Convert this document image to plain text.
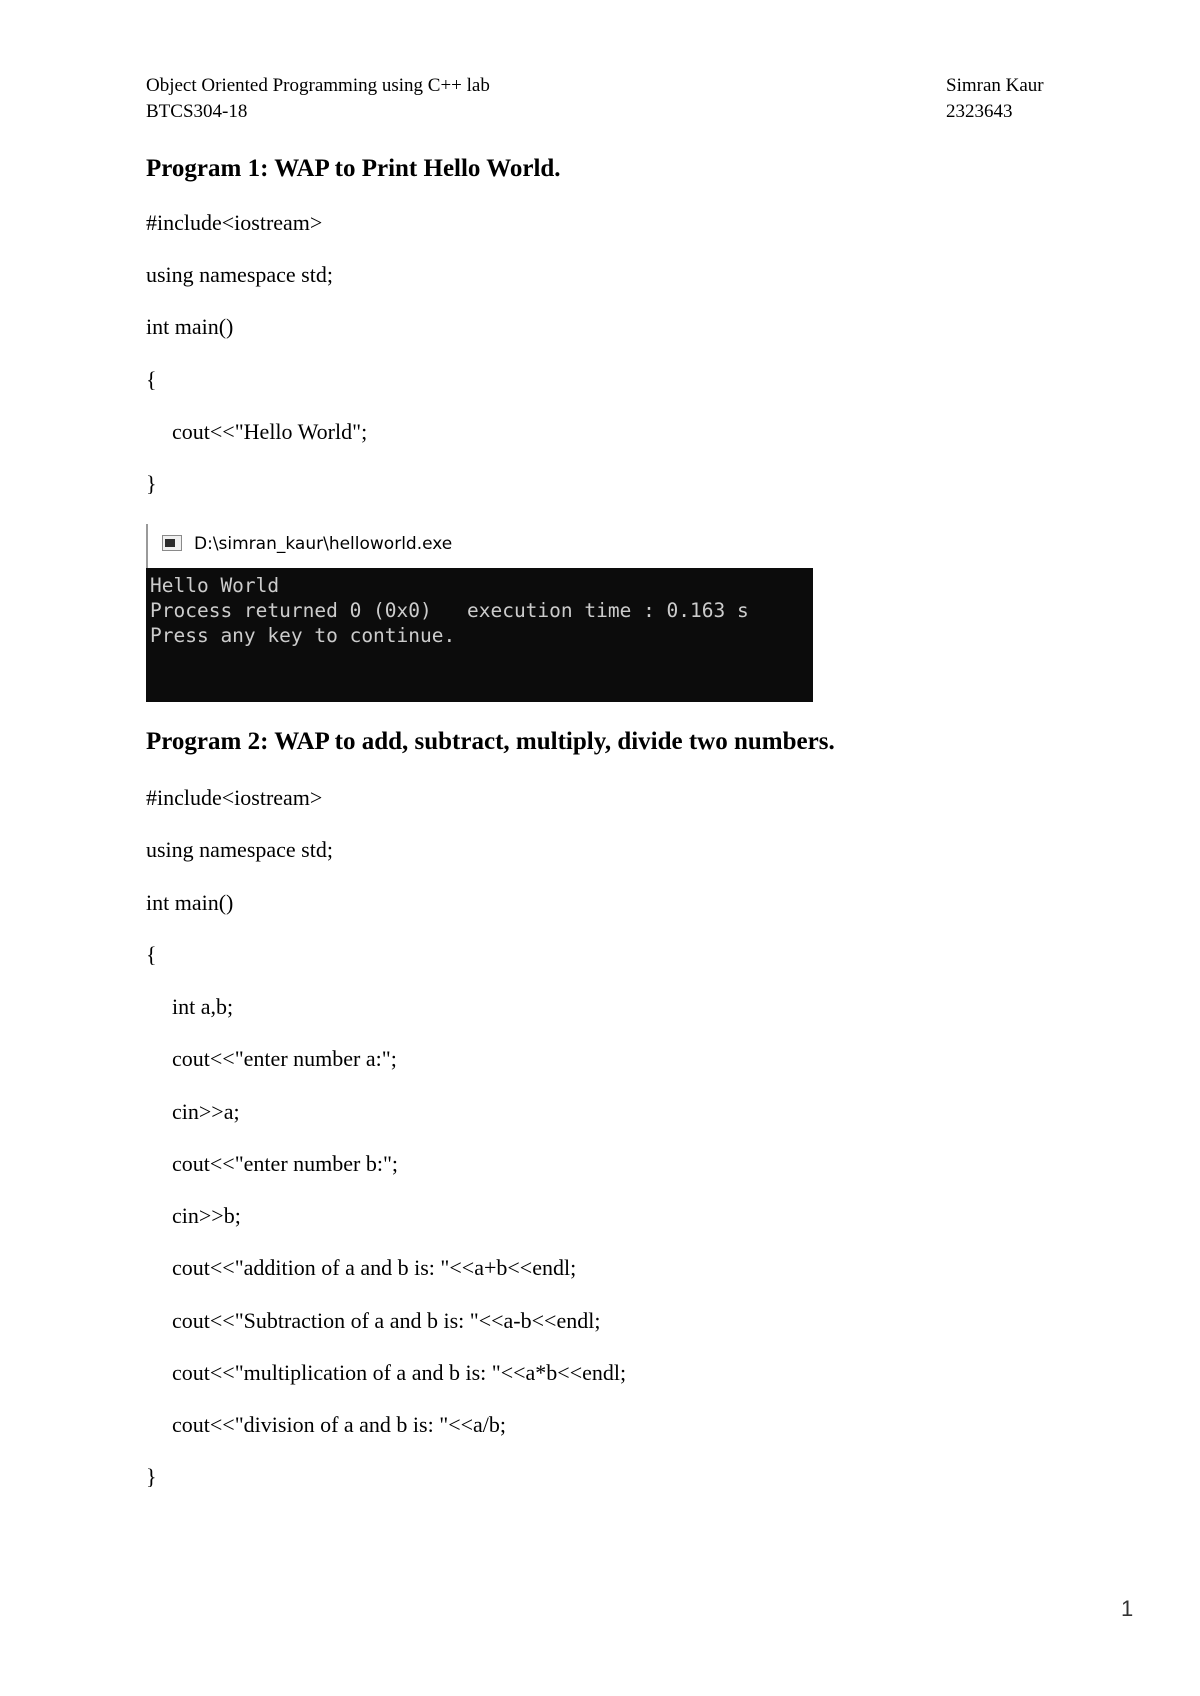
Object Oriented Programming using C++ lab
BTCS304-18
Simran Kaur
2323643
Program 1: WAP to Print Hello World.

#include<iostream>

using namespace std;

int main()

{

cout<<"Hello World";

}

D:\simran_kaur\helloworld.exe
Hello World
Process returned 0 (0x0)   execution time : 0.163 s
Press any key to continue.
Program 2: WAP to add, subtract, multiply, divide two numbers.

#include<iostream>

using namespace std;

int main()

{

int a,b;

cout<<"enter number a:";

cin>>a;

cout<<"enter number b:";

cin>>b;

cout<<"addition of a and b is: "<<a+b<<endl;

cout<<"Subtraction of a and b is: "<<a-b<<endl;

cout<<"multiplication of a and b is: "<<a*b<<endl;

cout<<"division of a and b is: "<<a/b;

}

1
